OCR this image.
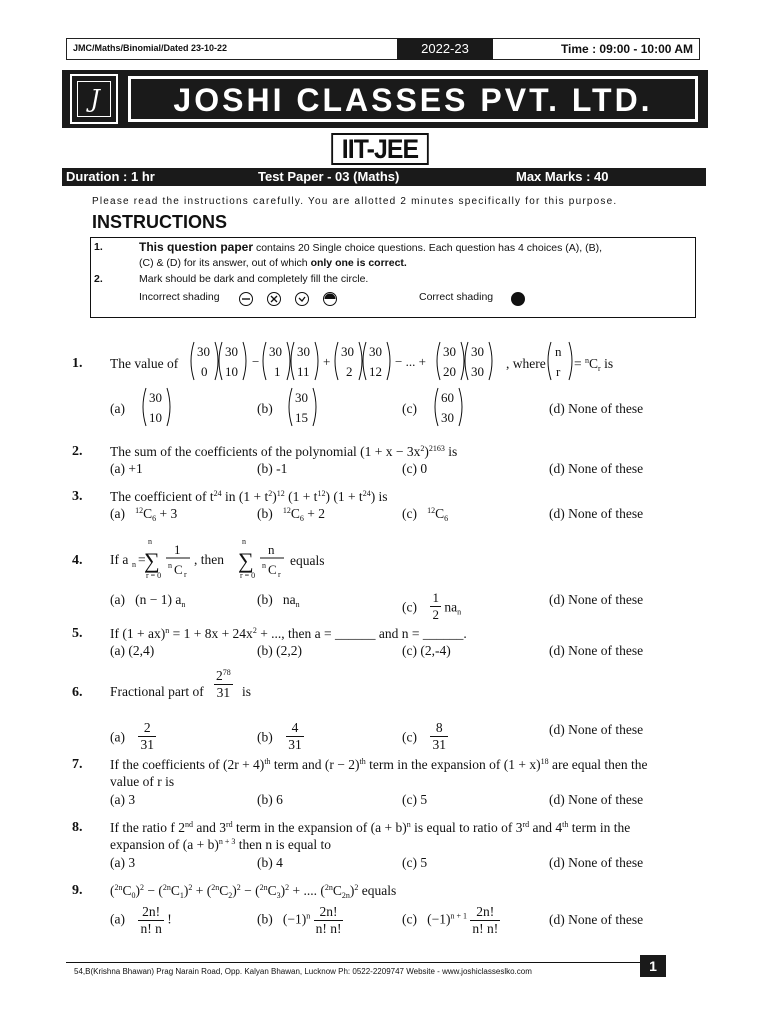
JMC/Maths/Binomial/Dated 23-10-22	2022-23	Time : 09:00 - 10:00 AM
J	JOSHI CLASSES PVT. LTD.
IIT-JEE
Duration : 1 hr	Test Paper - 03 (Maths)	Max Marks : 40
Please read the instructions carefully. You are allotted 2 minutes specifically for this purpose.
INSTRUCTIONS
1.	This question paper contains 20 Single choice questions. Each question has 4 choices (A), (B),
(C) & (D) for its answer, out of which only one is correct.
2.	Mark should be dark and completely fill the circle.
Incorrect shading	Correct shading
1. The value of
30
0
30
10
−
30
1
30
11
+
30
2
30
12
− ... +
30
20
30
30
, where
n
r
= $^nC_r$ is
(a)
30
10
(b)
30
15
(c)
60
30
(d) None of these
2. The sum of the coefficients of the polynomial $(1 + x - 3x^2)^{2163}$ is
(a) +1	(b) -1	(c) 0	(d) None of these
3. The coefficient of $t^{24}$ in $(1 + t^2)^{12}$ $(1 + t^{12})$ $(1 + t^{24})$ is
(a) $^{12}C_6 + 3$	(b) $^{12}C_6 + 2$	(c) $^{12}C_6$	(d) None of these
4. If a n =
n
∑
r = 0
1
n C r
, then
n
∑
r = 0
n
n C r
equals
(a)   (n − 1) $a_n$	(b)   $na_n$	$(c) \frac{1}{2} na_n$
(d) None of these
5. If $(1 + ax)^n = 1 + 8x + 24x^2$ + ..., then a = ______ and n = ______.
(a) (2,4)	(b) (2,2)	(c) (2,-4)	(d) None of these
6. Fractional part of $\frac{2^{78}}{31}$ is
$(a) \frac{2}{31}$	$(b) \frac{4}{31}$	$(c) \frac{8}{31}$	(d) None of these
7. If the coefficients of $(2r + 4)^{th}$ term and $(r - 2)^{th}$ term in the expansion of $(1 + x)^{18}$ are equal then the
value of r is
(a) 3	(b) 6	(c) 5	(d) None of these
8. If the ratio f 2nd and 3rd term in the expansion of $(a + b)^n$ is equal to ratio of 3rd and 4th term in the
expansion of $(a + b)^{n + 3}$ then n is equal to
(a) 3	(b) 4	(c) 5	(d) None of these
9. $(^{2n}C_0)^2 - (^{2n}C_1)^2 + (^{2n}C_2)^2 - (^{2n}C_3)^2$ + .... $(^{2n}C_{2n})^2$ equals
$(a) \frac{2n!}{n! n}$ !	(b)   $(-1)^n \frac{2n!}{n! n!}$	(c)   $(-1)^{n + 1} \frac{2n!}{n! n!}$	(d) None of these
1
54,B(Krishna Bhawan) Prag Narain Road, Opp. Kalyan Bhawan, Lucknow Ph: 0522-2209747 Website - www.joshiclasseslko.com
